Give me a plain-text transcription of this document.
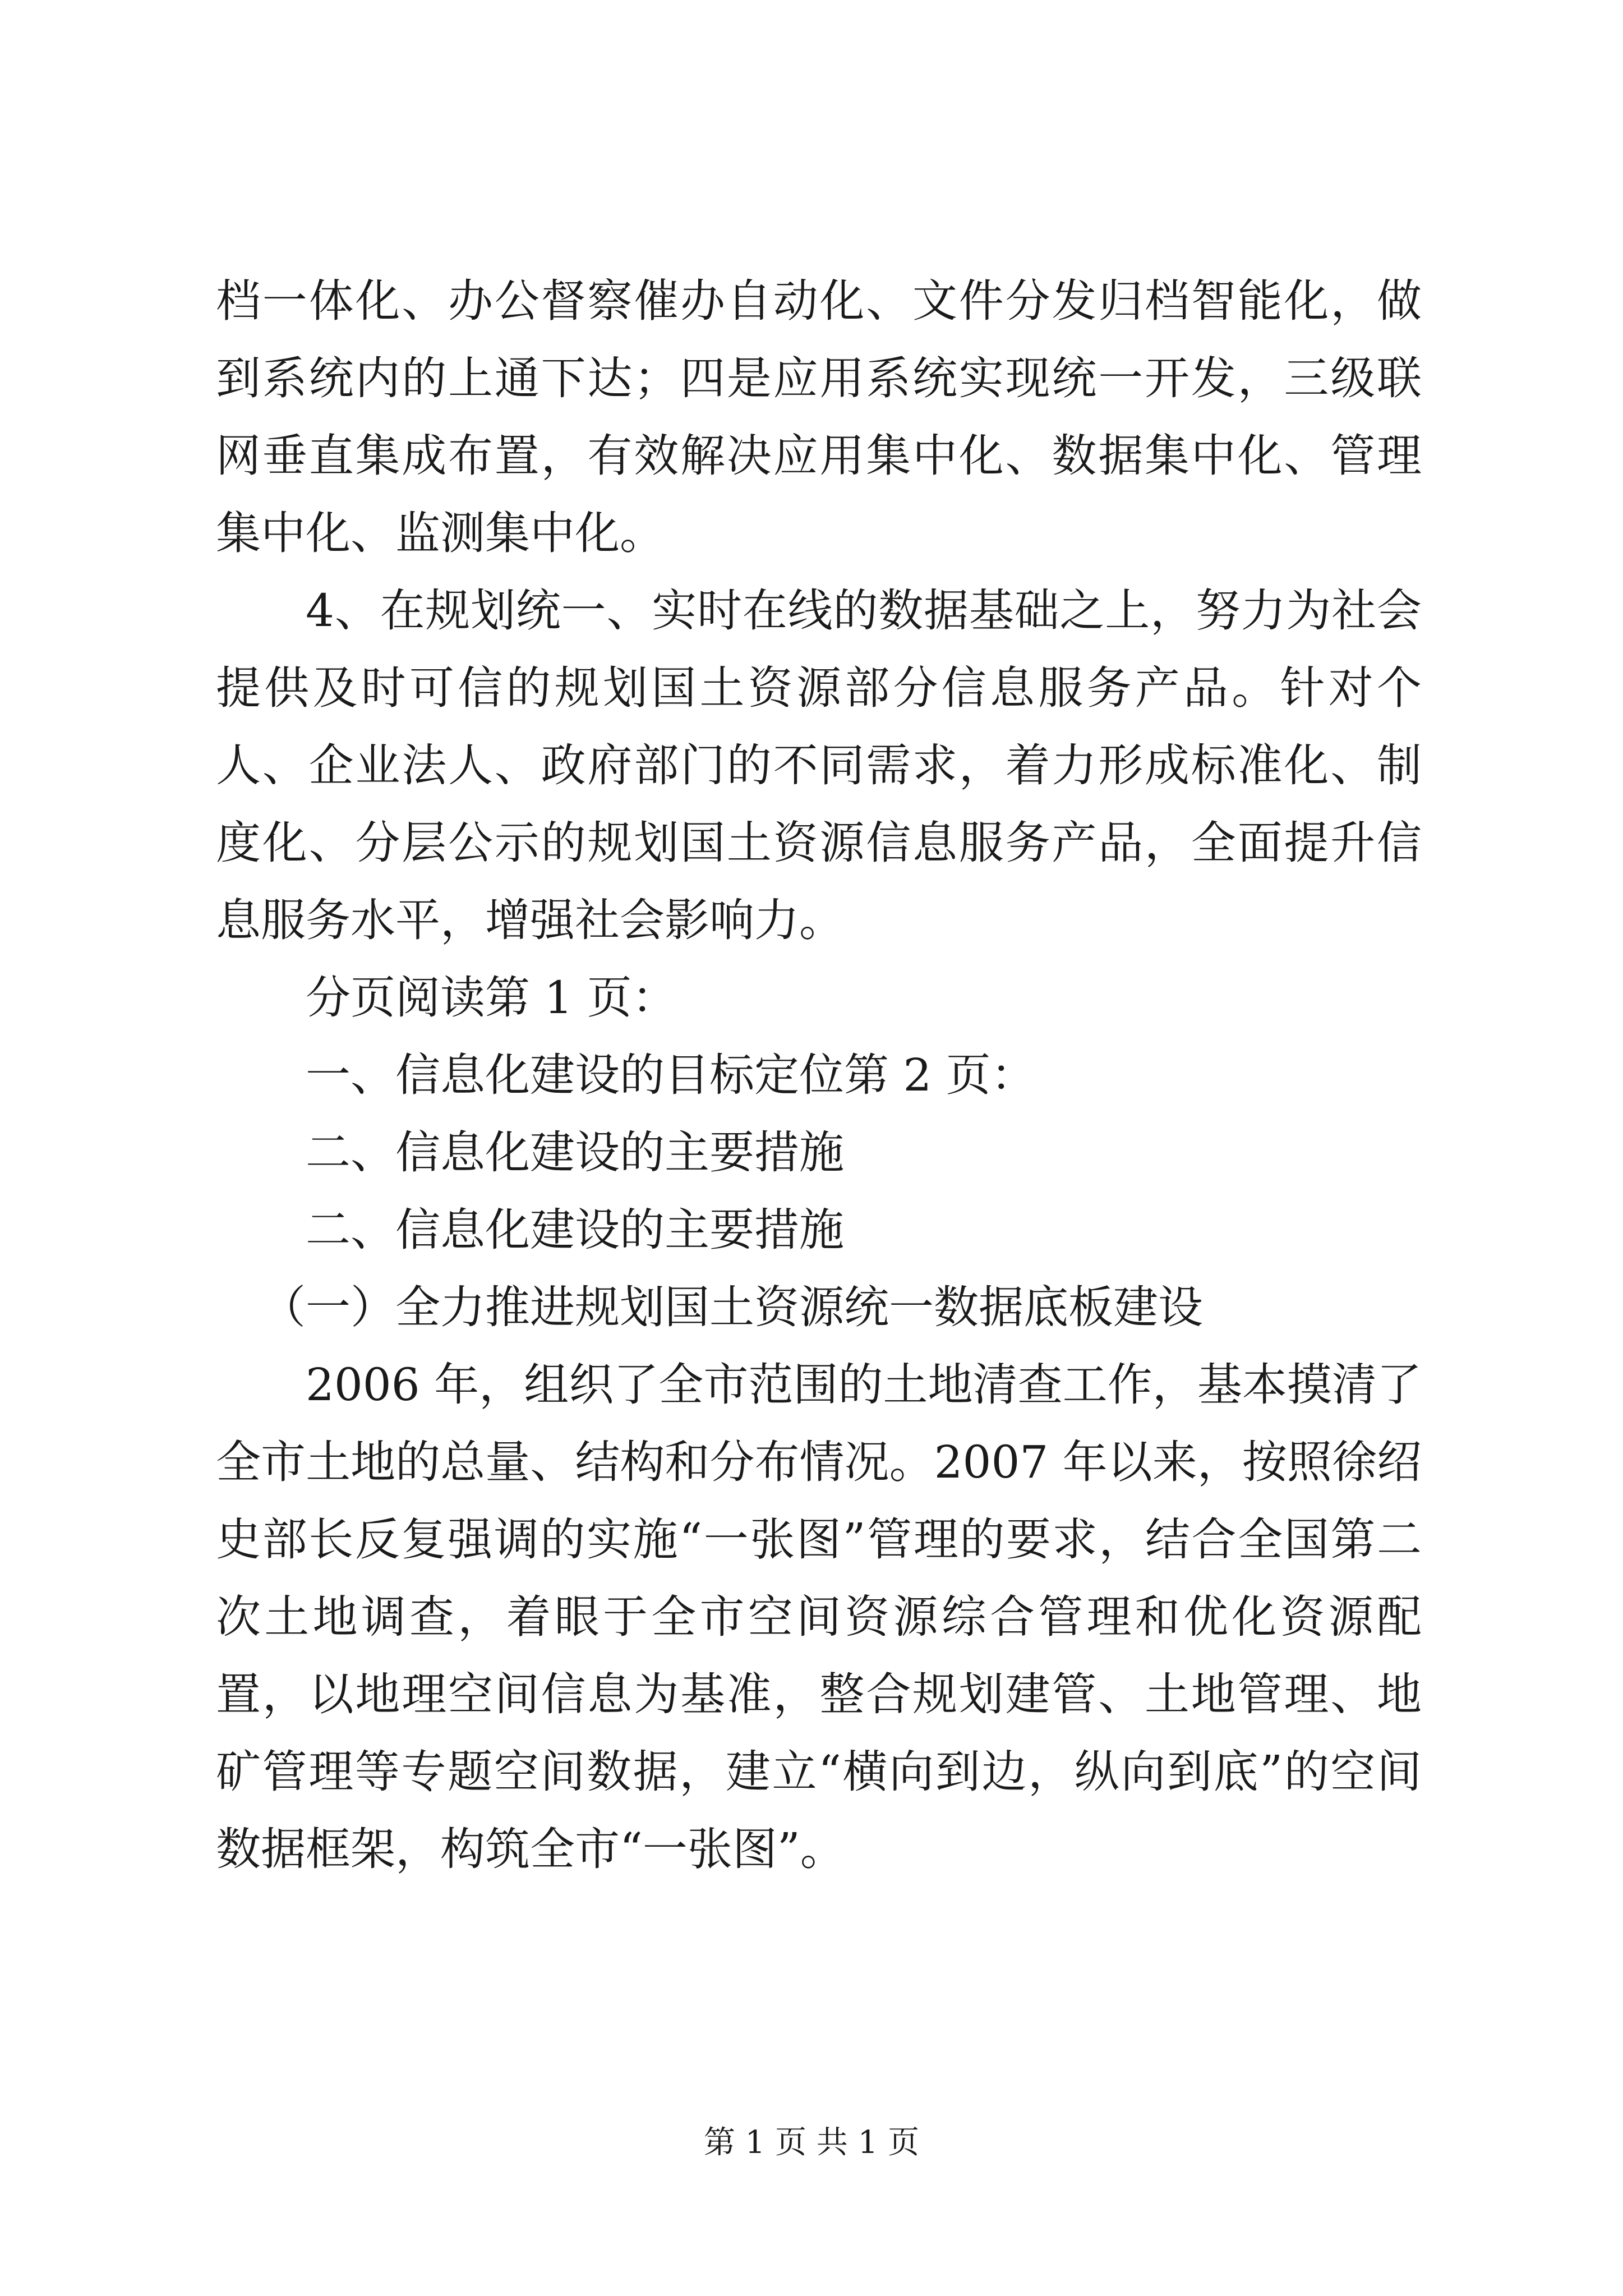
档一体化、办公督察催办自动化、文件分发归档智能化，做到系统内的上通下达；四是应用系统实现统一开发，三级联网垂直集成布置，有效解决应用集中化、数据集中化、管理集中化、监测集中化。

4、在规划统一、实时在线的数据基础之上，努力为社会提供及时可信的规划国土资源部分信息服务产品。针对个人、企业法人、政府部门的不同需求，着力形成标准化、制度化、分层公示的规划国土资源信息服务产品，全面提升信息服务水平，增强社会影响力。

分页阅读第 1 页：

一、信息化建设的目标定位第 2 页：

二、信息化建设的主要措施

二、信息化建设的主要措施

（一）全力推进规划国土资源统一数据底板建设

2006 年，组织了全市范围的土地清查工作，基本摸清了全市土地的总量、结构和分布情况。2007 年以来，按照徐绍史部长反复强调的实施“一张图”管理的要求，结合全国第二次土地调查，着眼于全市空间资源综合管理和优化资源配置，以地理空间信息为基准，整合规划建管、土地管理、地矿管理等专题空间数据，建立“横向到边，纵向到底”的空间数据框架，构筑全市“一张图”。

第 1 页 共 1 页
